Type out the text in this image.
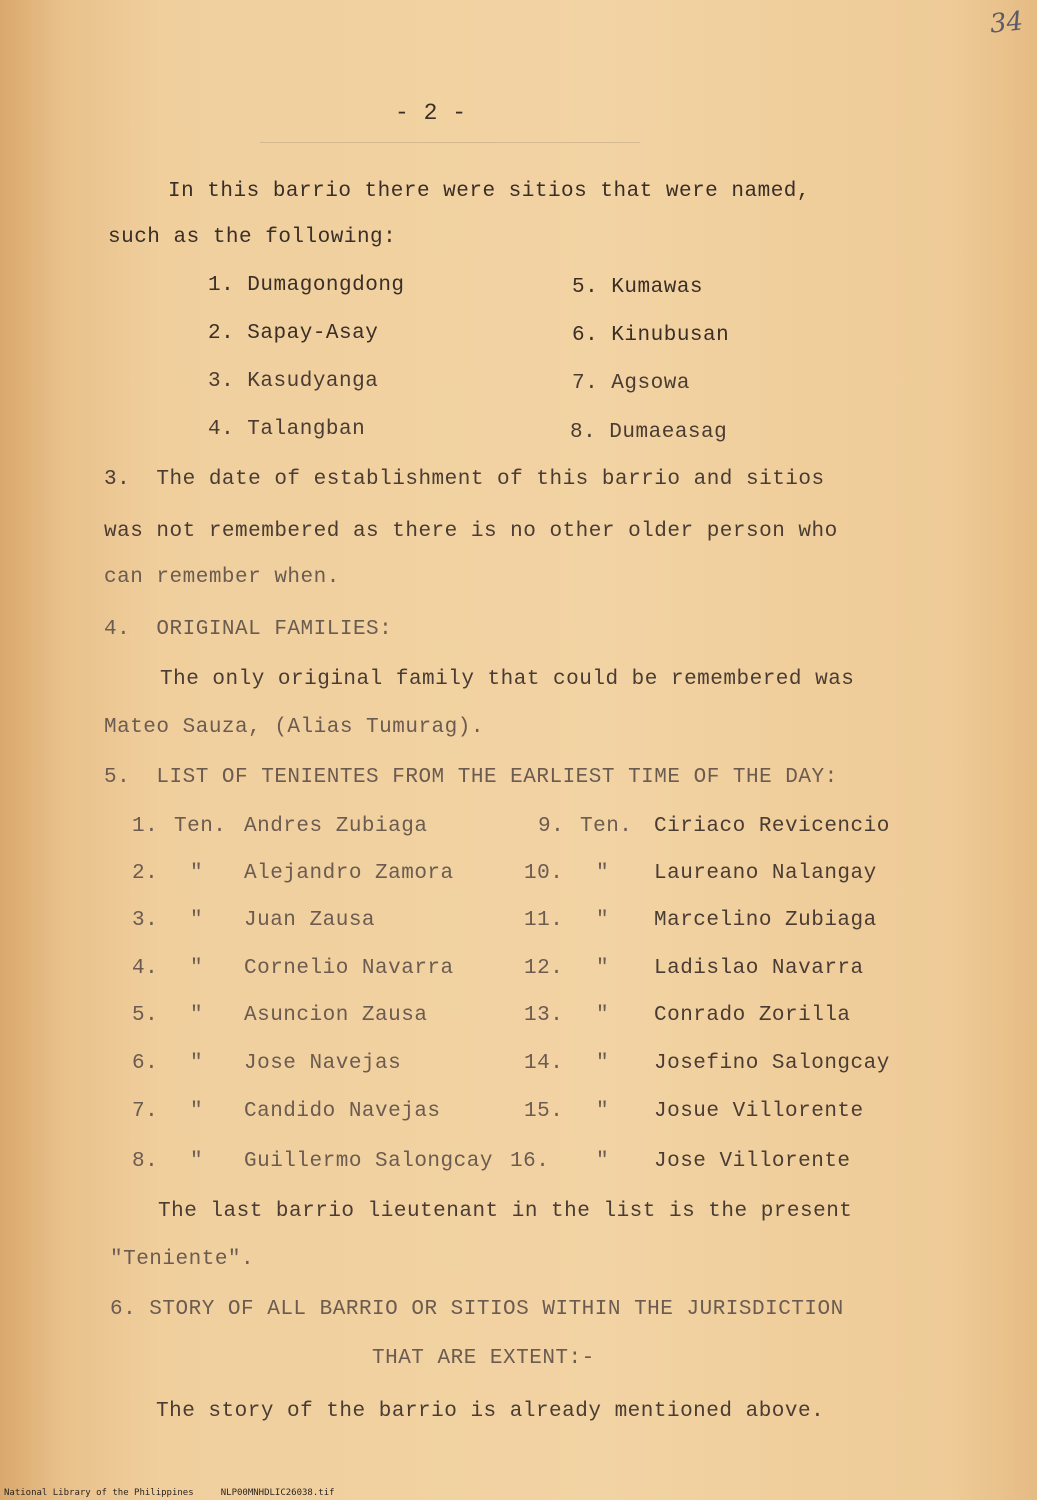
34
- 2 -
In this barrio there were sitios that were named,
such as the following:
1. Dumagongdong
2. Sapay-Asay
3. Kasudyanga
4. Talangban
5. Kumawas
6. Kinubusan
7. Agsowa
8. Dumaeasag
3.  The date of establishment of this barrio and sitios
was not remembered as there is no other older person who
can remember when.
4.  ORIGINAL FAMILIES:
The only original family that could be remembered was
Mateo Sauza, (Alias Tumurag).
5.  LIST OF TENIENTES FROM THE EARLIEST TIME OF THE DAY:
1. Ten. Andres Zubiaga
2. " Alejandro Zamora
3. " Juan Zausa
4. " Cornelio Navarra
5. " Asuncion Zausa
6. " Jose Navejas
7. " Candido Navejas
8. " Guillermo Salongcay
9. Ten. Ciriaco Revicencio
10. " Laureano Nalangay
11. " Marcelino Zubiaga
12. " Ladislao Navarra
13. " Conrado Zorilla
14. " Josefino Salongcay
15. " Josue Villorente
16. " Jose Villorente
The last barrio lieutenant in the list is the present
"Teniente".
6. STORY OF ALL BARRIO OR SITIOS WITHIN THE JURISDICTION
THAT ARE EXTENT:-
The story of the barrio is already mentioned above.
National Library of the Philippines     NLP00MNHDLIC26038.tif
